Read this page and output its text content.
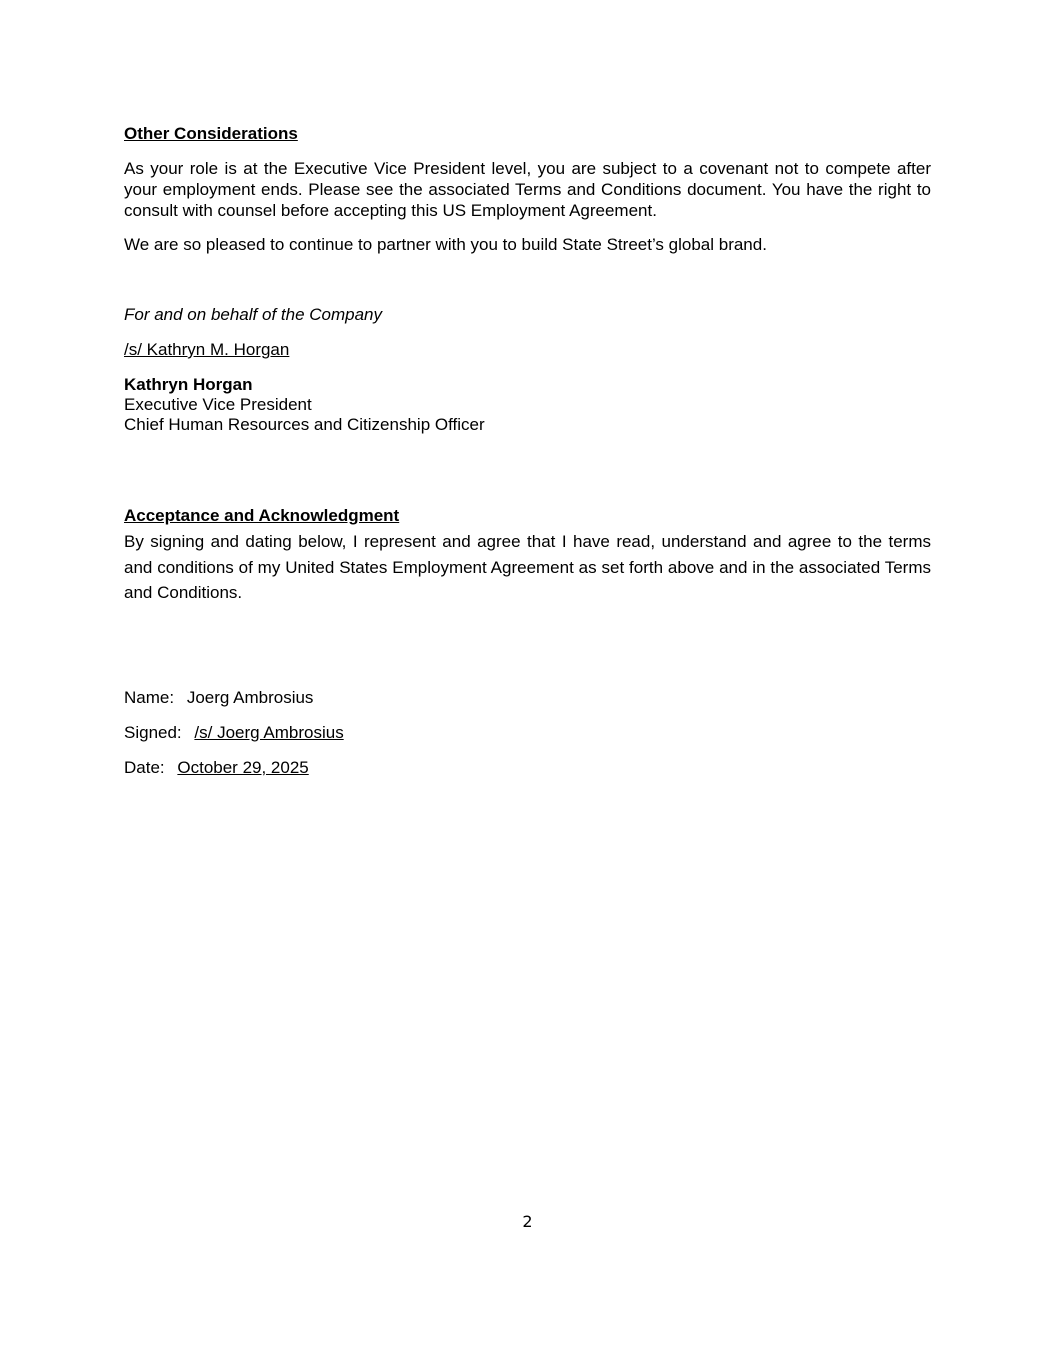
Other Considerations
As your role is at the Executive Vice President level, you are subject to a covenant not to compete after your employment ends. Please see the associated Terms and Conditions document. You have the right to consult with counsel before accepting this US Employment Agreement.
We are so pleased to continue to partner with you to build State Street’s global brand.
For and on behalf of the Company
/s/ Kathryn M. Horgan
Kathryn Horgan
Executive Vice President
Chief Human Resources and Citizenship Officer
Acceptance and Acknowledgment
By signing and dating below, I represent and agree that I have read, understand and agree to the terms and conditions of my United States Employment Agreement as set forth above and in the associated Terms and Conditions.
Name: Joerg Ambrosius
Signed: /s/ Joerg Ambrosius
Date: October 29, 2025
2
